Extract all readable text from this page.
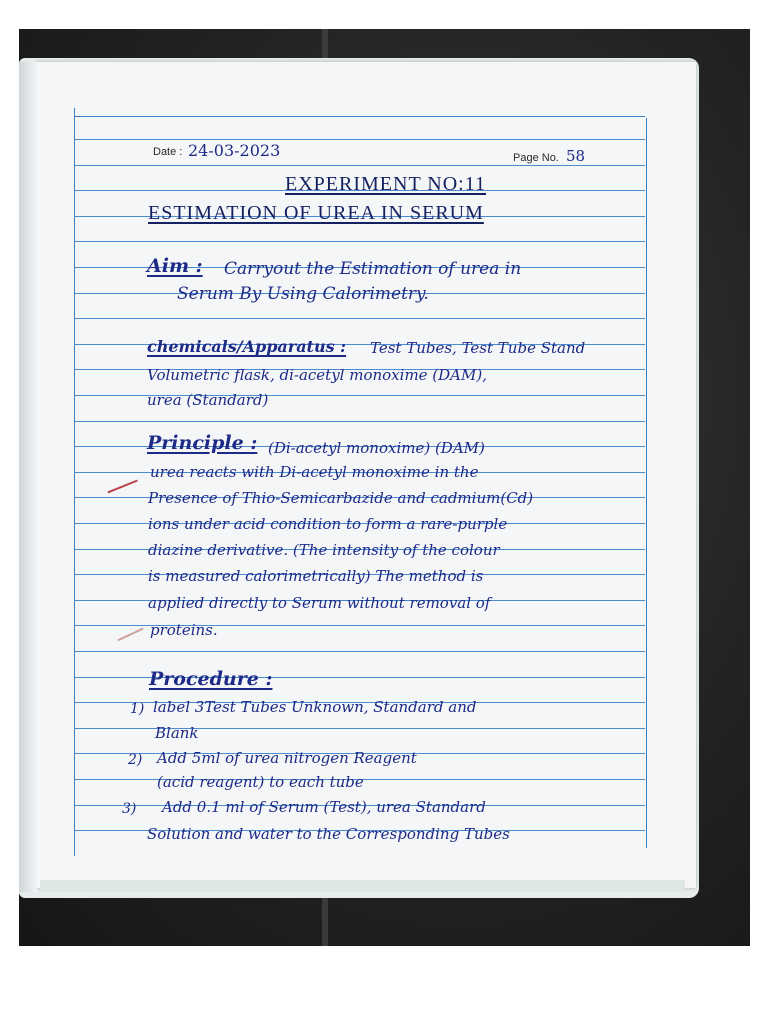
Date : 24-03-2023	Page No. 58
EXPERIMENT NO:11
ESTIMATION OF UREA IN SERUM
Aim : Carryout the Estimation of urea in
Serum By Using Calorimetry.
chemicals/Apparatus : Test Tubes, Test Tube Stand
Volumetric flask, di-acetyl monoxime (DAM),
urea (Standard)
Principle : (Di-acetyl monoxime) (DAM)
urea reacts with Di-acetyl monoxime in the
Presence of Thio-Semicarbazide and cadmium(Cd)
ions under acid condition to form a rare-purple
diazine derivative. (The intensity of the colour
is measured calorimetrically) The method is
applied directly to Serum without removal of
proteins.
Procedure :
1) label 3Test Tubes Unknown, Standard and
Blank
2) Add 5ml of urea nitrogen Reagent
(acid reagent) to each tube
3) Add 0.1 ml of Serum (Test), urea Standard
Solution and water to the Corresponding Tubes
